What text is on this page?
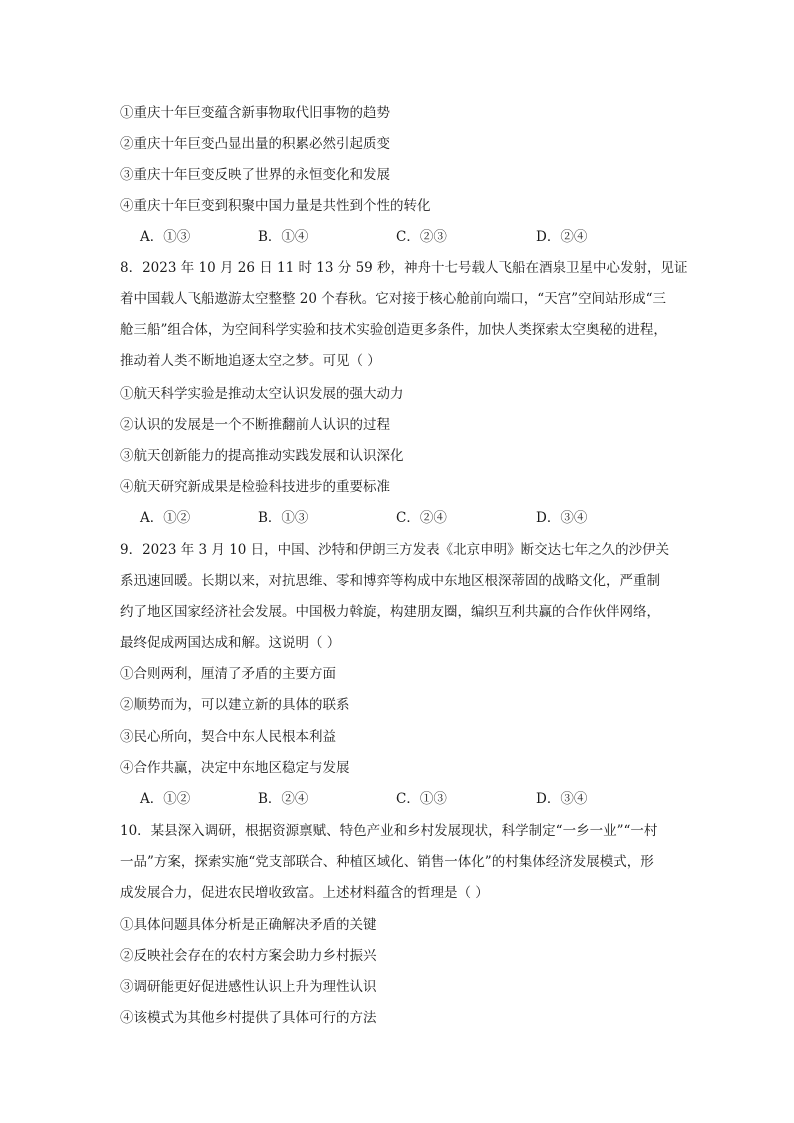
①重庆十年巨变蕴含新事物取代旧事物的趋势
②重庆十年巨变凸显出量的积累必然引起质变
③重庆十年巨变反映了世界的永恒变化和发展
④重庆十年巨变到积聚中国力量是共性到个性的转化
A．①③	B．①④	C．②③	D．②④
8．2023 年 10 月 26 日 11 时 13 分 59 秒，神舟十七号载人飞船在酒泉卫星中心发射，见证
着中国载人飞船遨游太空整整 20 个春秋。它对接于核心舱前向端口，“天宫”空间站形成“三
舱三船”组合体，为空间科学实验和技术实验创造更多条件，加快人类探索太空奥秘的进程，
推动着人类不断地追逐太空之梦。可见（ ）
①航天科学实验是推动太空认识发展的强大动力
②认识的发展是一个不断推翻前人认识的过程
③航天创新能力的提高推动实践发展和认识深化
④航天研究新成果是检验科技进步的重要标准
A．①②	B．①③	C．②④	D．③④
9．2023 年 3 月 10 日，中国、沙特和伊朗三方发表《北京申明》断交达七年之久的沙伊关
系迅速回暖。长期以来，对抗思维、零和博弈等构成中东地区根深蒂固的战略文化，严重制
约了地区国家经济社会发展。中国极力斡旋，构建朋友圈，编织互利共赢的合作伙伴网络，
最终促成两国达成和解。这说明（ ）
①合则两利，厘清了矛盾的主要方面
②顺势而为，可以建立新的具体的联系
③民心所向，契合中东人民根本利益
④合作共赢，决定中东地区稳定与发展
A．①②	B．②④	C．①③	D．③④
10．某县深入调研，根据资源禀赋、特色产业和乡村发展现状，科学制定“一乡一业”“一村
一品”方案，探索实施“党支部联合、种植区域化、销售一体化”的村集体经济发展模式，形
成发展合力，促进农民增收致富。上述材料蕴含的哲理是（ ）
①具体问题具体分析是正确解决矛盾的关键
②反映社会存在的农村方案会助力乡村振兴
③调研能更好促进感性认识上升为理性认识
④该模式为其他乡村提供了具体可行的方法
